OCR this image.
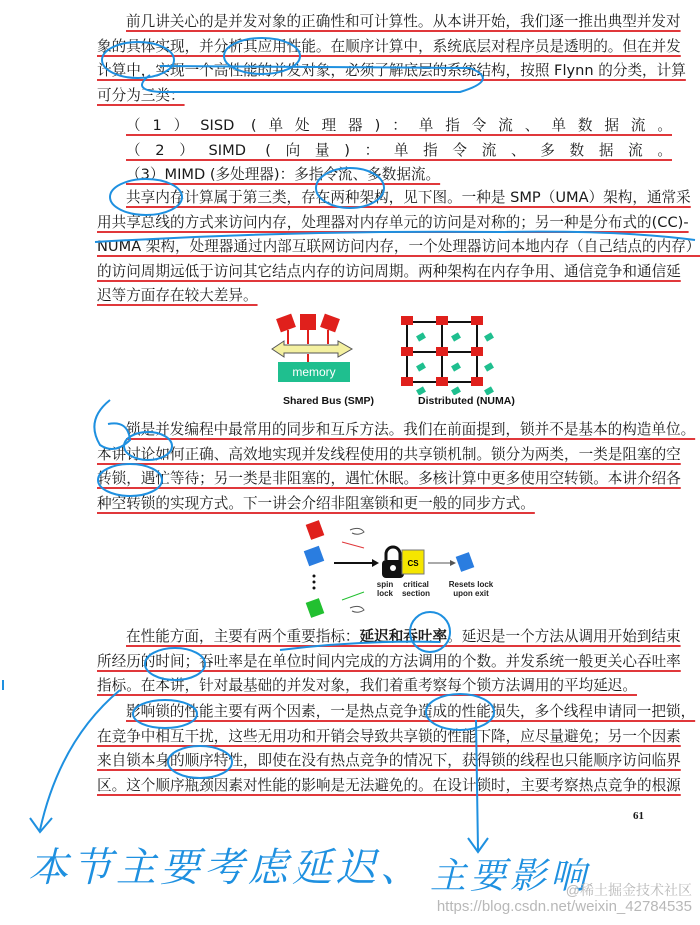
前几讲关心的是并发对象的正确性和可计算性。从本讲开始，我们逐一推出典型并发对
象的具体实现，并分析其应用性能。在顺序计算中，系统底层对程序员是透明的。但在并发
计算中，实现一个高性能的并发对象，必须了解底层的系统结构，按照 Flynn 的分类，计算
可分为三类：
（1）SISD (单处理器)：单指令流、单数据流。
（2）SIMD (向量)：单指令流、多数据流。
（3）MIMD (多处理器)：多指令流、多数据流。
共享内存计算属于第三类，存在两种架构，见下图。一种是 SMP（UMA）架构，通常采
用共享总线的方式来访问内存，处理器对内存单元的访问是对称的；另一种是分布式的(CC)-
NUMA 架构，处理器通过内部互联网访问内存，一个处理器访问本地内存（自己结点的内存）
的访问周期远低于访问其它结点内存的访问周期。两种架构在内存争用、通信竞争和通信延
迟等方面存在较大差异。
锁是并发编程中最常用的同步和互斥方法。我们在前面提到，锁并不是基本的构造单位。
本讲讨论如何正确、高效地实现并发线程使用的共享锁机制。锁分为两类，一类是阻塞的空
转锁，遇忙等待；另一类是非阻塞的，遇忙休眠。多核计算中更多使用空转锁。本讲介绍各
种空转锁的实现方式。下一讲会介绍非阻塞锁和更一般的同步方式。
在性能方面，主要有两个重要指标：延迟和吞吐率。延迟是一个方法从调用开始到结束
所经历的时间；吞吐率是在单位时间内完成的方法调用的个数。并发系统一般更关心吞吐率
指标。在本讲，针对最基础的并发对象，我们着重考察每个锁方法调用的平均延迟。
影响锁的性能主要有两个因素，一是热点竞争造成的性能损失，多个线程申请同一把锁，
在竞争中相互干扰，这些无用功和开销会导致共享锁的性能下降，应尽量避免；另一个因素
来自锁本身的顺序特性，即使在没有热点竞争的情况下，获得锁的线程也只能顺序访问临界
区。这个顺序瓶颈因素对性能的影响是无法避免的。在设计锁时，主要考察热点竞争的根源
memory
Shared Bus (SMP)	Distributed (NUMA)
CS
spin
lock
critical
section
Resets lock
upon exit
61
本节主要考虑延迟、 主要影响
@稀土掘金技术社区
https://blog.csdn.net/weixin_42784535
